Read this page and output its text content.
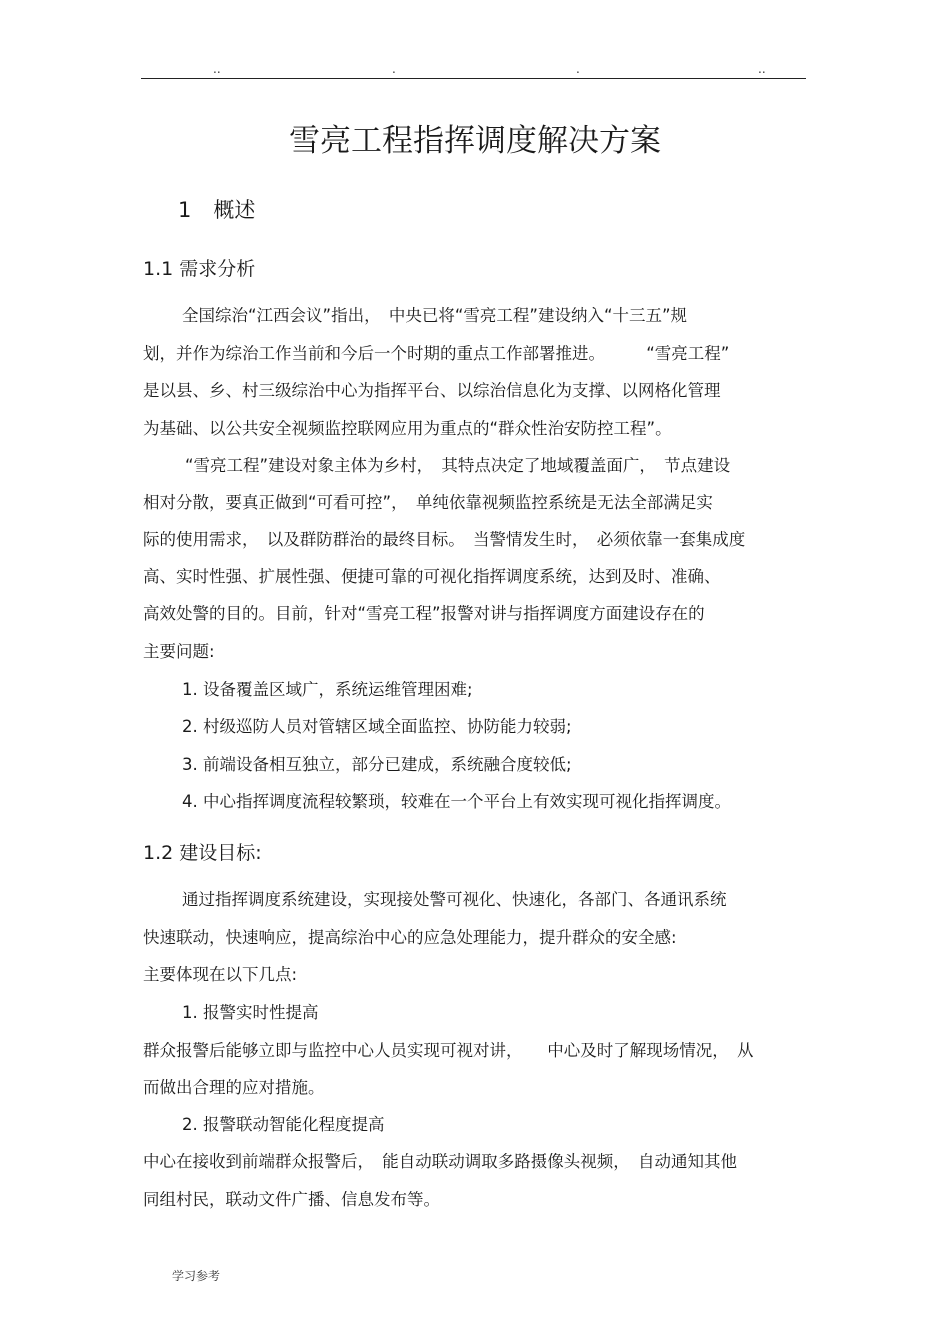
..	.	.	..
雪亮工程指挥调度解决方案
1 概述
1.1 需求分析
全国综治“江西会议”指出，　中央已将“雪亮工程”建设纳入“十三五”规
划，并作为综治工作当前和今后一个时期的重点工作部署推进。　　　“雪亮工程”
是以县、乡、村三级综治中心为指挥平台、以综治信息化为支撑、以网格化管理
为基础、以公共安全视频监控联网应用为重点的“群众性治安防控工程”。
“雪亮工程”建设对象主体为乡村，　其特点决定了地域覆盖面广，　节点建设
相对分散，要真正做到“可看可控”，　单纯依靠视频监控系统是无法全部满足实
际的使用需求，　以及群防群治的最终目标。　当警情发生时，　必须依靠一套集成度
高、实时性强、扩展性强、便捷可靠的可视化指挥调度系统，达到及时、准确、
高效处警的目的。目前，针对“雪亮工程”报警对讲与指挥调度方面建设存在的
主要问题:
1. 设备覆盖区域广，系统运维管理困难;
2. 村级巡防人员对管辖区域全面监控、协防能力较弱;
3. 前端设备相互独立，部分已建成，系统融合度较低;
4. 中心指挥调度流程较繁琐，较难在一个平台上有效实现可视化指挥调度。
1.2 建设目标:
通过指挥调度系统建设，实现接处警可视化、快速化，各部门、各通讯系统
快速联动，快速响应，提高综治中心的应急处理能力，提升群众的安全感:
主要体现在以下几点:
1. 报警实时性提高
群众报警后能够立即与监控中心人员实现可视对讲，　　中心及时了解现场情况，　从
而做出合理的应对措施。
2. 报警联动智能化程度提高
中心在接收到前端群众报警后，　能自动联动调取多路摄像头视频，　自动通知其他
同组村民，联动文件广播、信息发布等。
学习参考
